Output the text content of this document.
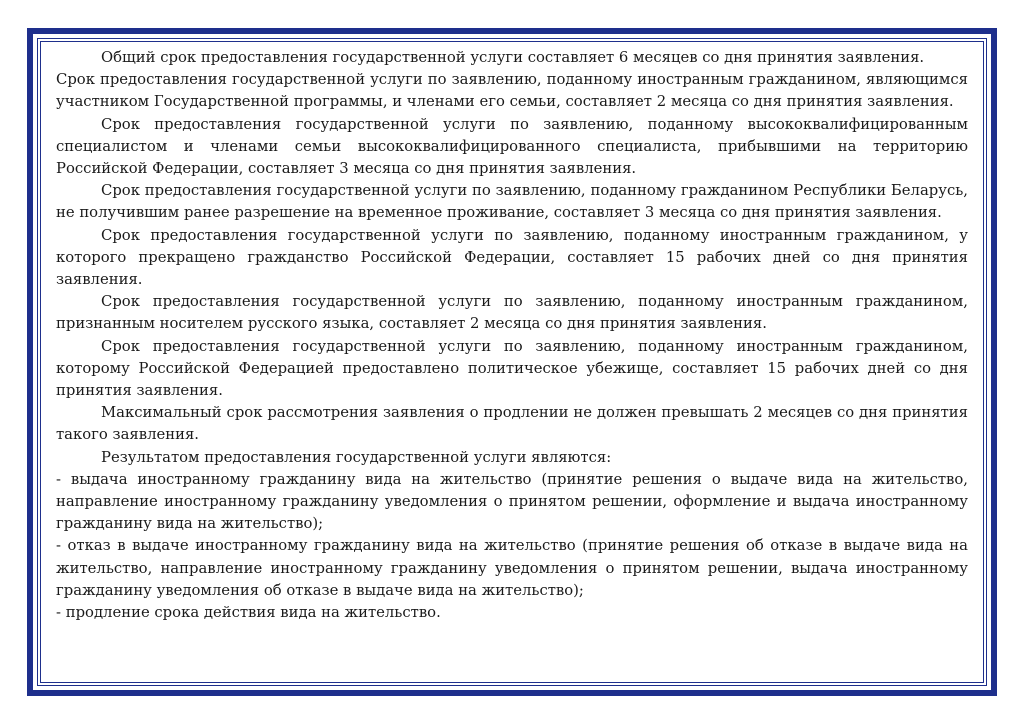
Общий срок предоставления государственной услуги составляет 6 месяцев со дня принятия заявления.

Срок предоставления государственной услуги по заявлению, поданному иностранным гражданином, являющимся участником Государственной программы, и членами его семьи, составляет 2 месяца со дня принятия заявления.

Срок предоставления государственной услуги по заявлению, поданному высококвалифицированным специалистом и членами семьи высококвалифицированного специалиста, прибывшими на территорию Российской Федерации, составляет 3 месяца со дня принятия заявления.

Срок предоставления государственной услуги по заявлению, поданному гражданином Республики Беларусь, не получившим ранее разрешение на временное проживание, составляет 3 месяца со дня принятия заявления.

Срок предоставления государственной услуги по заявлению, поданному иностранным гражданином, у которого прекращено гражданство Российской Федерации, составляет 15 рабочих дней со дня принятия заявления.

Срок предоставления государственной услуги по заявлению, поданному иностранным гражданином, признанным носителем русского языка, составляет 2 месяца со дня принятия заявления.

Срок предоставления государственной услуги по заявлению, поданному иностранным гражданином, которому Российской Федерацией предоставлено политическое убежище, составляет 15 рабочих дней со дня принятия заявления.

Максимальный срок рассмотрения заявления о продлении не должен превышать 2 месяцев со дня принятия такого заявления.

Результатом предоставления государственной услуги являются:

- выдача иностранному гражданину вида на жительство (принятие решения о выдаче вида на жительство, направление иностранному гражданину уведомления о принятом решении, оформление и выдача иностранному гражданину вида на жительство);

- отказ в выдаче иностранному гражданину вида на жительство (принятие решения об отказе в выдаче вида на жительство, направление иностранному гражданину уведомления о принятом решении, выдача иностранному гражданину уведомления об отказе в выдаче вида на жительство);

- продление срока действия вида на жительство.
